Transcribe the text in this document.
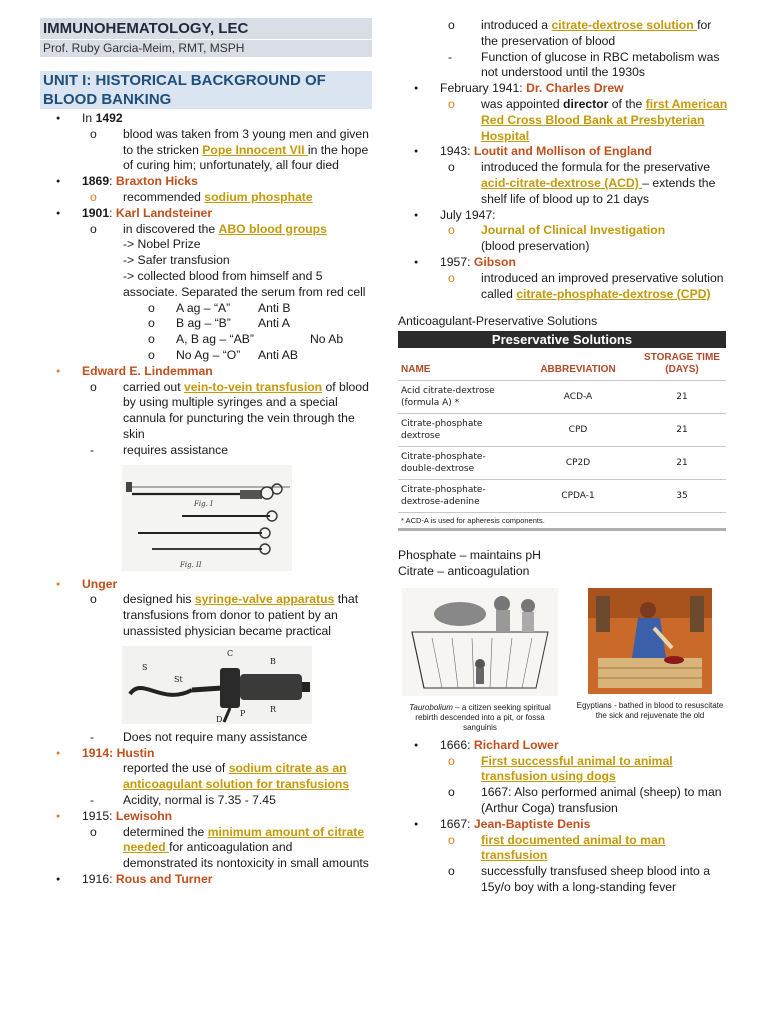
IMMUNOHEMATOLOGY, LEC
Prof. Ruby Garcia-Meim, RMT, MSPH
UNIT I: HISTORICAL BACKGROUND OF BLOOD BANKING
● In 1492
o blood was taken from 3 young men and given to the stricken Pope Innocent VII in the hope of curing him; unfortunately, all four died
● 1869: Braxton Hicks
o recommended sodium phosphate
● 1901: Karl Landsteiner
o in discovered the ABO blood groups
-> Nobel Prize
-> Safer transfusion
-> collected blood from himself and 5 associate. Separated the serum from red cell
o A ag – “A” Anti B
o B ag – “B” Anti A
o A, B ag – “AB”	No Ab
o No Ag – “O” Anti AB
● Edward E. Lindemman
o carried out vein-to-vein transfusion of blood by using multiple syringes and a special cannula for puncturing the vein through the skin
- requires assistance
Fig. I
Fig. II
● Unger
o designed his syringe-valve apparatus that transfusions from donor to patient by an unassisted physician became practical
C
B
S
St
P	R
D
- Does not require many assistance
● 1914: Hustin
reported the use of sodium citrate as an anticoagulant solution for transfusions
- Acidity, normal is 7.35 - 7.45
● 1915: Lewisohn
o determined the minimum amount of citrate needed for anticoagulation and demonstrated its nontoxicity in small amounts
● 1916: Rous and Turner
o introduced a citrate-dextrose solution for the preservation of blood
- Function of glucose in RBC metabolism was not understood until the 1930s
● February 1941: Dr. Charles Drew
o was appointed director of the first American Red Cross Blood Bank at Presbyterian Hospital
● 1943: Loutit and Mollison of England
o introduced the formula for the preservative acid-citrate-dextrose (ACD) – extends the shelf life of blood up to 21 days
● July 1947:
o Journal of Clinical Investigation
(blood preservation)
● 1957: Gibson
o introduced an improved preservative solution called citrate-phosphate-dextrose (CPD)
Anticoagulant-Preservative Solutions
Preservative Solutions
NAME	ABBREVIATION	STORAGE TIME (DAYS)
Acid citrate-dextrose (formula A) *	ACD-A	21
Citrate-phosphate dextrose	CPD	21
Citrate-phosphate-double-dextrose	CP2D	21
Citrate-phosphate-dextrose-adenine	CPDA-1	35
* ACD-A is used for apheresis components.
Phosphate – maintains pH
Citrate – anticoagulation
Taurobolium – a citizen seeking spiritual rebirth descended into a pit, or fossa sanguinis
Egyptians - bathed in blood to resuscitate the sick and rejuvenate the old
● 1666: Richard Lower
o First successful animal to animal transfusion using dogs
o 1667: Also performed animal (sheep) to man (Arthur Coga) transfusion
● 1667: Jean-Baptiste Denis
o first documented animal to man transfusion
o successfully transfused sheep blood into a 15y/o boy with a long-standing fever
